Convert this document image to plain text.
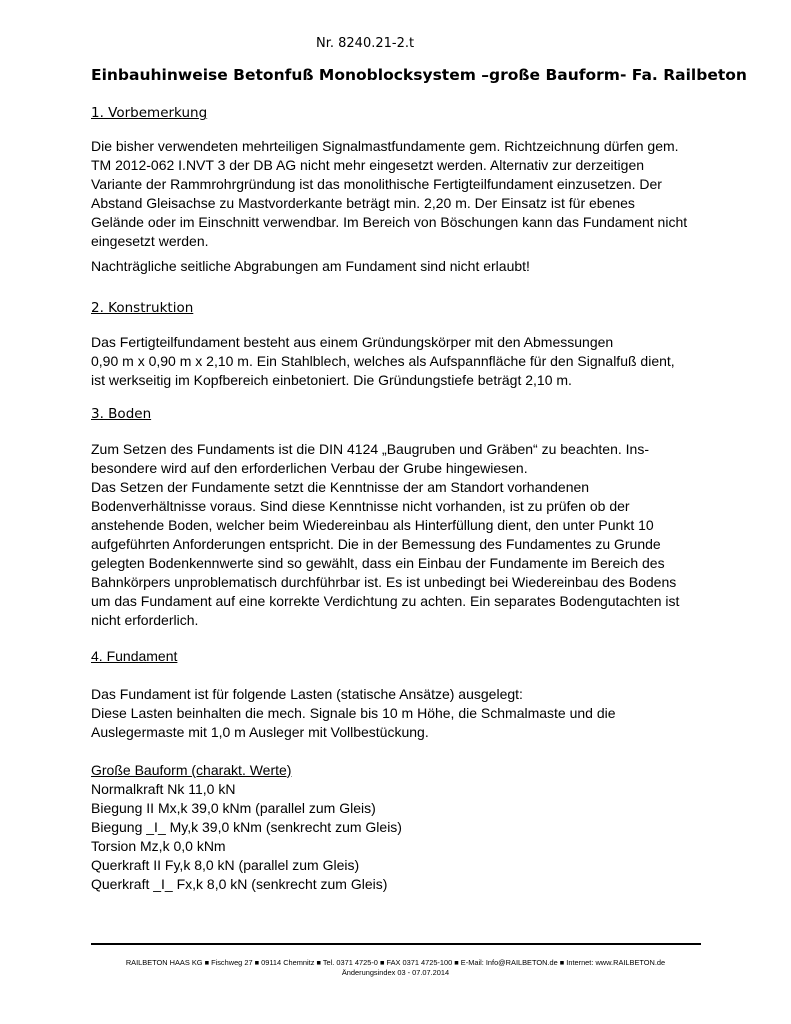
Nr. 8240.21-2.t
Einbauhinweise Betonfuß Monoblocksystem –große Bauform- Fa. Railbeton
1. Vorbemerkung

Die bisher verwendeten mehrteiligen Signalmastfundamente gem. Richtzeichnung dürfen gem.
TM 2012-062 I.NVT 3 der DB AG nicht mehr eingesetzt werden. Alternativ zur derzeitigen
Variante der Rammrohrgründung ist das monolithische Fertigteilfundament einzusetzen. Der
Abstand Gleisachse zu Mastvorderkante beträgt min. 2,20 m. Der Einsatz ist für ebenes
Gelände oder im Einschnitt verwendbar. Im Bereich von Böschungen kann das Fundament nicht
eingesetzt werden.

Nachträgliche seitliche Abgrabungen am Fundament sind nicht erlaubt!

2. Konstruktion

Das Fertigteilfundament besteht aus einem Gründungskörper mit den Abmessungen
0,90 m x 0,90 m x 2,10 m. Ein Stahlblech, welches als Aufspannfläche für den Signalfuß dient,
ist werkseitig im Kopfbereich einbetoniert. Die Gründungstiefe beträgt 2,10 m.

3. Boden

Zum Setzen des Fundaments ist die DIN 4124 „Baugruben und Gräben“ zu beachten. Ins-
besondere wird auf den erforderlichen Verbau der Grube hingewiesen.
Das Setzen der Fundamente setzt die Kenntnisse der am Standort vorhandenen
Bodenverhältnisse voraus. Sind diese Kenntnisse nicht vorhanden, ist zu prüfen ob der
anstehende Boden, welcher beim Wiedereinbau als Hinterfüllung dient, den unter Punkt 10
aufgeführten Anforderungen entspricht. Die in der Bemessung des Fundamentes zu Grunde
gelegten Bodenkennwerte sind so gewählt, dass ein Einbau der Fundamente im Bereich des
Bahnkörpers unproblematisch durchführbar ist. Es ist unbedingt bei Wiedereinbau des Bodens
um das Fundament auf eine korrekte Verdichtung zu achten. Ein separates Bodengutachten ist
nicht erforderlich.

4. Fundament

Das Fundament ist für folgende Lasten (statische Ansätze) ausgelegt:
Diese Lasten beinhalten die mech. Signale bis 10 m Höhe, die Schmalmaste und die
Auslegermaste mit 1,0 m Ausleger mit Vollbestückung.

Große Bauform (charakt. Werte)
Normalkraft Nk 11,0 kN
Biegung II Mx,k 39,0 kNm (parallel zum Gleis)
Biegung _I_ My,k 39,0 kNm (senkrecht zum Gleis)
Torsion Mz,k 0,0 kNm
Querkraft II Fy,k 8,0 kN (parallel zum Gleis)
Querkraft _I_ Fx,k 8,0 kN (senkrecht zum Gleis)
RAILBETON HAAS KG ■ Fischweg 27 ■ 09114 Chemnitz ■ Tel. 0371 4725-0 ■ FAX 0371 4725-100 ■ E-Mail: Info@RAILBETON.de ■ Internet: www.RAILBETON.de
Änderungsindex 03 - 07.07.2014
